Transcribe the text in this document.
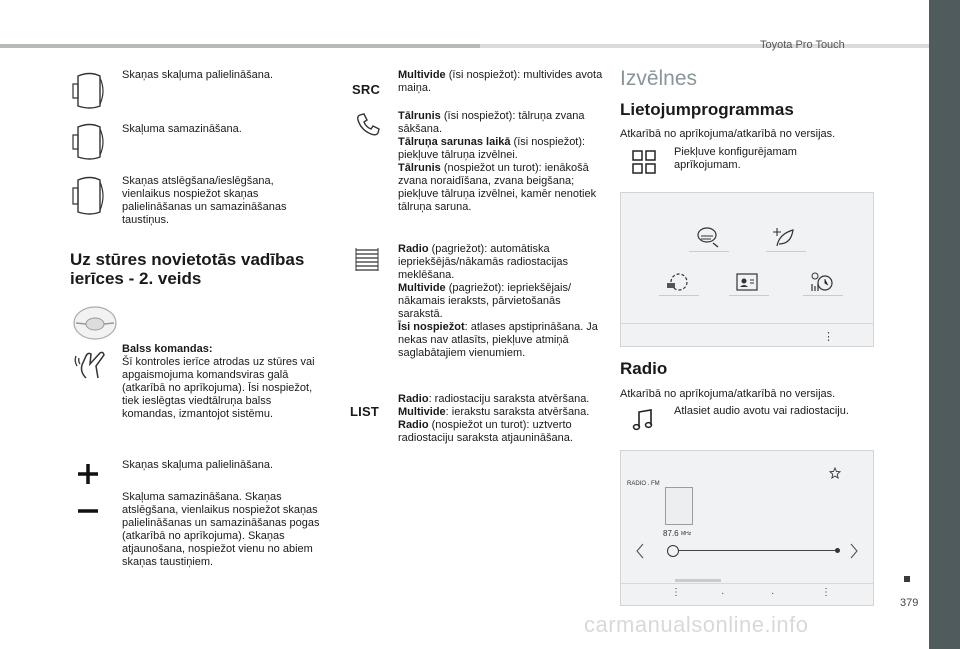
Toyota Pro Touch
Skaņas skaļuma palielināšana.
Skaļuma samazināšana.
Skaņas atslēgšana/ieslēgšana, vienlaikus nospiežot skaņas palielināšanas un samazināšanas taustiņus.
Uz stūres novietotās vadības ierīces - 2. veids
Balss komandas:
Šī kontroles ierīce atrodas uz stūres vai apgaismojuma komandsviras galā (atkarībā no aprīkojuma). Īsi nospiežot, tiek ieslēgtas viedtālruņa balss komandas, izmantojot sistēmu.
Skaņas skaļuma palielināšana.
Skaļuma samazināšana. Skaņas atslēgšana, vienlaikus nospiežot skaņas palielināšanas un samazināšanas pogas (atkarībā no aprīkojuma). Skaņas atjaunošana, nospiežot vienu no abiem skaņas taustiņiem.
SRC
Multivide (īsi nospiežot): multivides avota maiņa.
Tālrunis (īsi nospiežot): tālruņa zvana sākšana.
Tālruņa sarunas laikā (īsi nospiežot): piekļuve tālruņa izvēlnei.
Tālrunis (nospiežot un turot): ienākošā zvana noraidīšana, zvana beigšana; piekļuve tālruņa izvēlnei, kamēr nenotiek tālruņa saruna.
Radio (pagriežot): automātiska iepriekšējās/nākamās radiostacijas meklēšana.
Multivide (pagriežot): iepriekšējais/ nākamais ieraksts, pārvietošanās sarakstā.
Īsi nospiežot: atlases apstiprināšana. Ja nekas nav atlasīts, piekļuve atmiņā saglabātajiem vienumiem.
LIST
Radio: radiostaciju saraksta atvēršana.
Multivide: ierakstu saraksta atvēršana.
Radio (nospiežot un turot): uztverto radiostaciju saraksta atjaunināšana.
Izvēlnes
Lietojumprogrammas
Atkarībā no aprīkojuma/atkarībā no versijas.
Piekļuve konfigurējamam aprīkojumam.
⋮
Radio
Atkarībā no aprīkojuma/atkarībā no versijas.
Atlasiet audio avotu vai radiostaciju.
RADIO . FM
87.6 MHz
⋮	·	·	⋮
379
carmanualsonline.info
